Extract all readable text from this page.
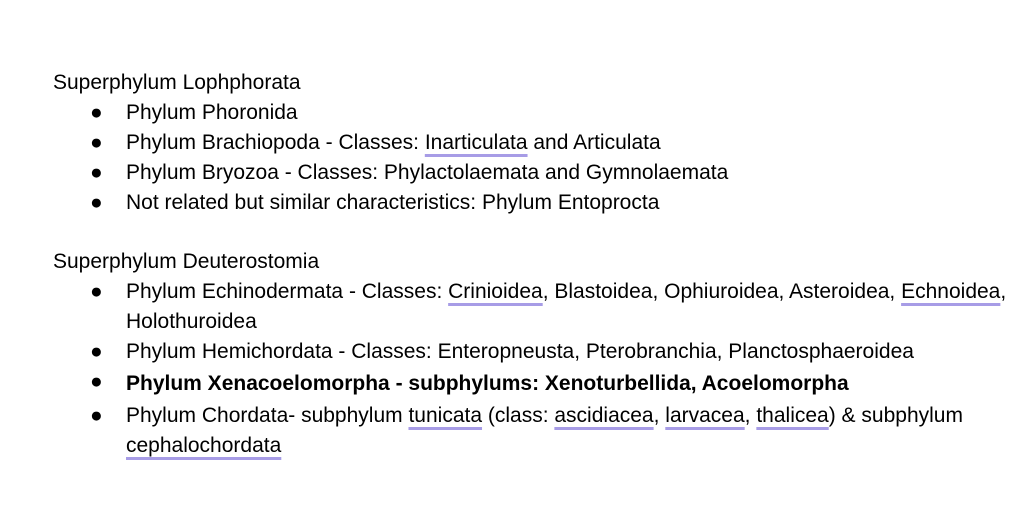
Superphylum Lophphorata
●	Phylum Phoronida
●	Phylum Brachiopoda - Classes: Inarticulata and Articulata
●	Phylum Bryozoa - Classes: Phylactolaemata and Gymnolaemata
●	Not related but similar characteristics: Phylum Entoprocta
Superphylum Deuterostomia
●	Phylum Echinodermata - Classes: Crinioidea, Blastoidea, Ophiuroidea, Asteroidea, Echnoidea, Holothuroidea
●	Phylum Hemichordata - Classes: Enteropneusta, Pterobranchia, Planctosphaeroidea
●	Phylum Xenacoelomorpha - subphylums: Xenoturbellida, Acoelomorpha
●	Phylum Chordata- subphylum tunicata (class: ascidiacea, larvacea, thalicea) & subphylum cephalochordata
